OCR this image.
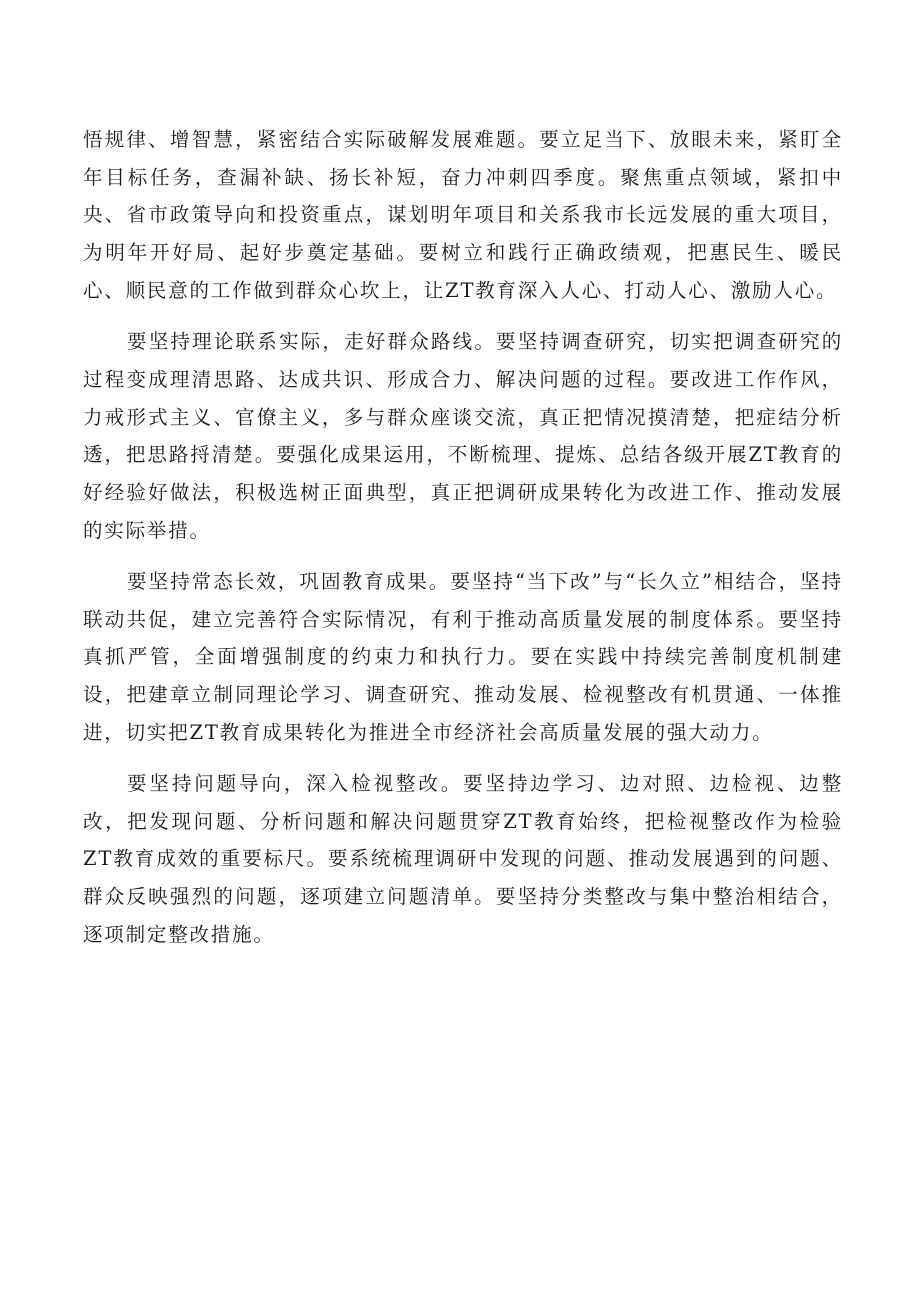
悟规律、增智慧，紧密结合实际破解发展难题。要立足当下、放眼未来，紧盯全年目标任务，查漏补缺、扬长补短，奋力冲刺四季度。聚焦重点领域，紧扣中央、省市政策导向和投资重点，谋划明年项目和关系我市长远发展的重大项目，为明年开好局、起好步奠定基础。要树立和践行正确政绩观，把惠民生、暖民心、顺民意的工作做到群众心坎上，让ZT教育深入人心、打动人心、激励人心。

要坚持理论联系实际，走好群众路线。要坚持调查研究，切实把调查研究的过程变成理清思路、达成共识、形成合力、解决问题的过程。要改进工作作风，力戒形式主义、官僚主义，多与群众座谈交流，真正把情况摸清楚，把症结分析透，把思路捋清楚。要强化成果运用，不断梳理、提炼、总结各级开展ZT教育的好经验好做法，积极选树正面典型，真正把调研成果转化为改进工作、推动发展的实际举措。

要坚持常态长效，巩固教育成果。要坚持“当下改”与“长久立”相结合，坚持联动共促，建立完善符合实际情况，有利于推动高质量发展的制度体系。要坚持真抓严管，全面增强制度的约束力和执行力。要在实践中持续完善制度机制建设，把建章立制同理论学习、调查研究、推动发展、检视整改有机贯通、一体推进，切实把ZT教育成果转化为推进全市经济社会高质量发展的强大动力。

要坚持问题导向，深入检视整改。要坚持边学习、边对照、边检视、边整改，把发现问题、分析问题和解决问题贯穿ZT教育始终，把检视整改作为检验ZT教育成效的重要标尺。要系统梳理调研中发现的问题、推动发展遇到的问题、群众反映强烈的问题，逐项建立问题清单。要坚持分类整改与集中整治相结合，逐项制定整改措施。
